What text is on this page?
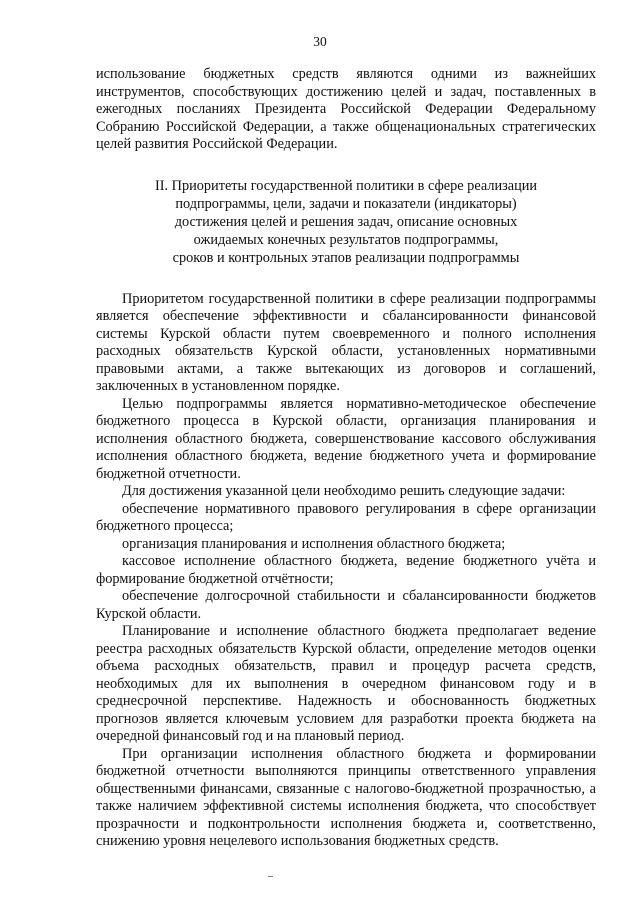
30

использование бюджетных средств являются одними из важнейших инструментов, способствующих достижению целей и задач, поставленных в ежегодных посланиях Президента Российской Федерации Федеральному Собранию Российской Федерации, а также общенациональных стратегических целей развития Российской Федерации.

II. Приоритеты государственной политики в сфере реализации
подпрограммы, цели, задачи и показатели (индикаторы)
достижения целей и решения задач, описание основных
ожидаемых конечных результатов подпрограммы,
сроков и контрольных этапов реализации подпрограммы

Приоритетом государственной политики в сфере реализации подпрограммы является обеспечение эффективности и сбалансированности финансовой системы Курской области путем своевременного и полного исполнения расходных обязательств Курской области, установленных нормативными правовыми актами, а также вытекающих из договоров и соглашений, заключенных в установленном порядке.

Целью подпрограммы является нормативно-методическое обеспечение бюджетного процесса в Курской области, организация планирования и исполнения областного бюджета, совершенствование кассового обслуживания исполнения областного бюджета, ведение бюджетного учета и формирование бюджетной отчетности.

Для достижения указанной цели необходимо решить следующие задачи:

обеспечение нормативного правового регулирования в сфере организации бюджетного процесса;

организация планирования и исполнения областного бюджета;

кассовое исполнение областного бюджета, ведение бюджетного учёта и формирование бюджетной отчётности;

обеспечение долгосрочной стабильности и сбалансированности бюджетов Курской области.

Планирование и исполнение областного бюджета предполагает ведение реестра расходных обязательств Курской области, определение методов оценки объема расходных обязательств, правил и процедур расчета средств, необходимых для их выполнения в очередном финансовом году и в среднесрочной перспективе. Надежность и обоснованность бюджетных прогнозов является ключевым условием для разработки проекта бюджета на очередной финансовый год и на плановый период.

При организации исполнения областного бюджета и формировании бюджетной отчетности выполняются принципы ответственного управления общественными финансами, связанные с налогово-бюджетной прозрачностью, а также наличием эффективной системы исполнения бюджета, что способствует прозрачности и подконтрольности исполнения бюджета и, соответственно, снижению уровня нецелевого использования бюджетных средств.
